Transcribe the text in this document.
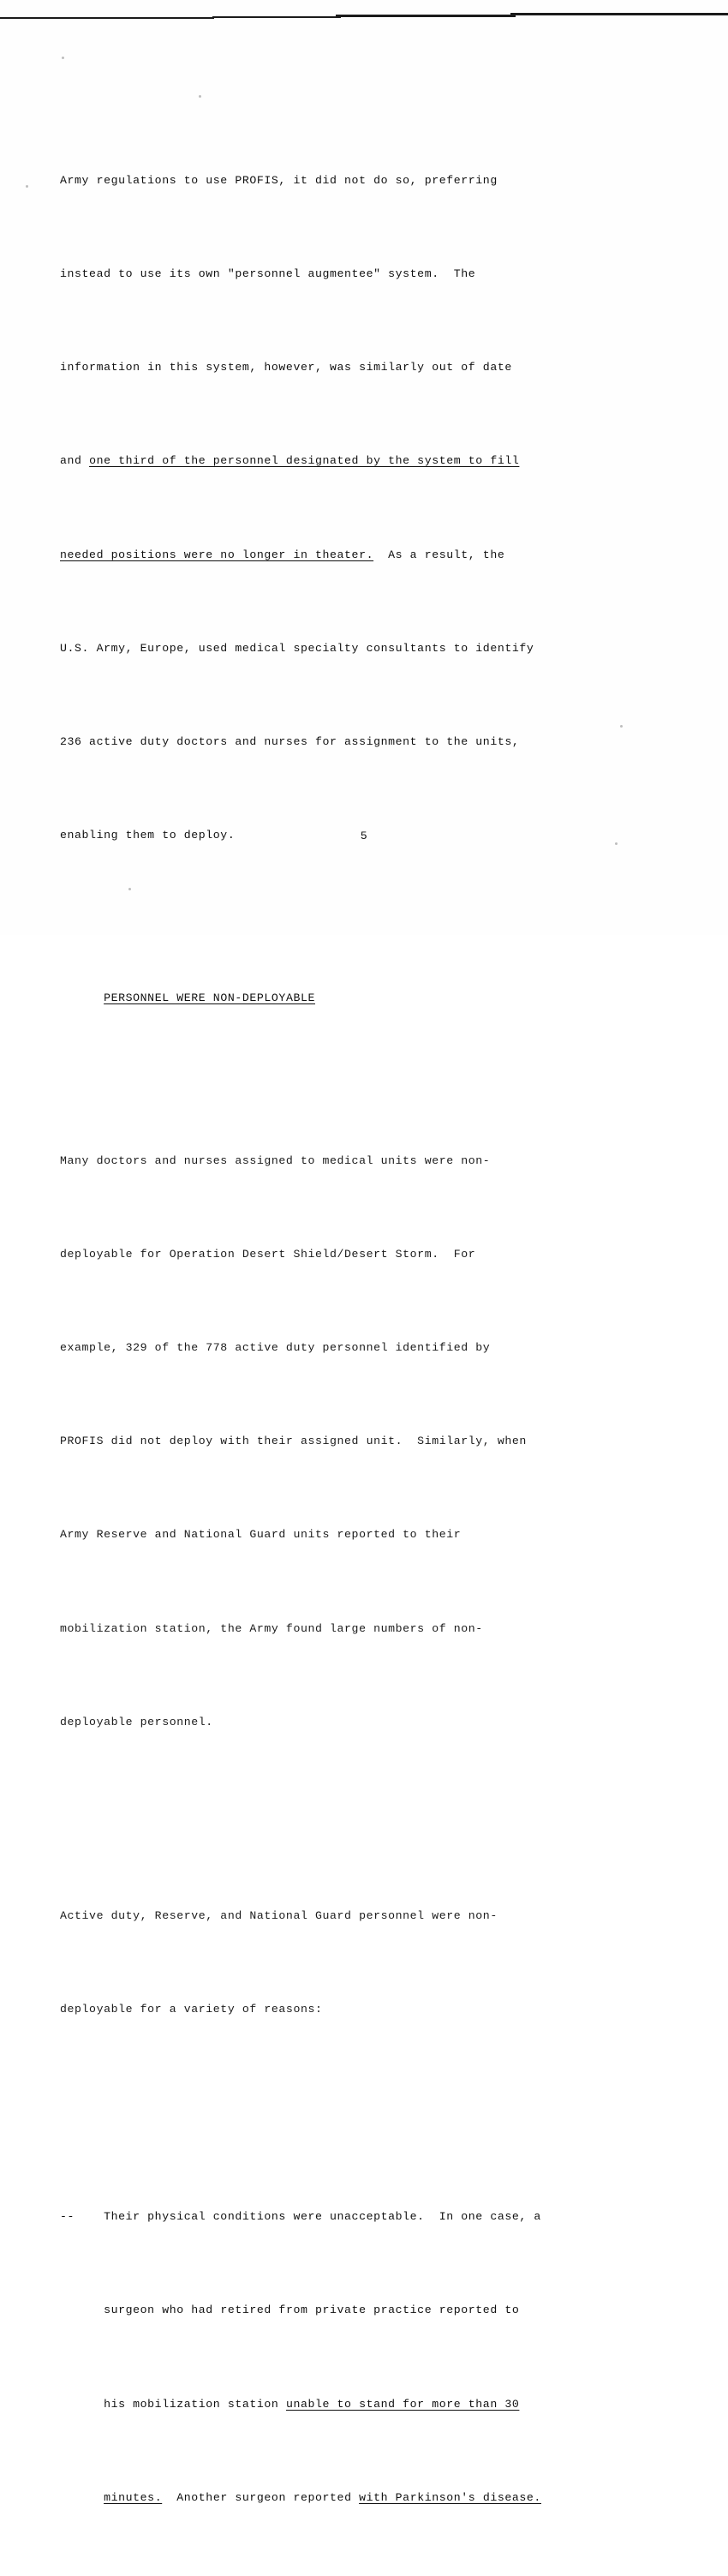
Army regulations to use PROFIS, it did not do so, preferring

instead to use its own "personnel augmentee" system.  The

information in this system, however, was similarly out of date

and one third of the personnel designated by the system to fill

needed positions were no longer in theater.  As a result, the

U.S. Army, Europe, used medical specialty consultants to identify

236 active duty doctors and nurses for assignment to the units,

enabling them to deploy.

PERSONNEL WERE NON-DEPLOYABLE

Many doctors and nurses assigned to medical units were non-

deployable for Operation Desert Shield/Desert Storm.  For

example, 329 of the 778 active duty personnel identified by

PROFIS did not deploy with their assigned unit.  Similarly, when

Army Reserve and National Guard units reported to their

mobilization station, the Army found large numbers of non-

deployable personnel.

Active duty, Reserve, and National Guard personnel were non-

deployable for a variety of reasons:

--    Their physical conditions were unacceptable.  In one case, a

surgeon who had retired from private practice reported to

his mobilization station unable to stand for more than 30

minutes.  Another surgeon reported with Parkinson's disease.

5
